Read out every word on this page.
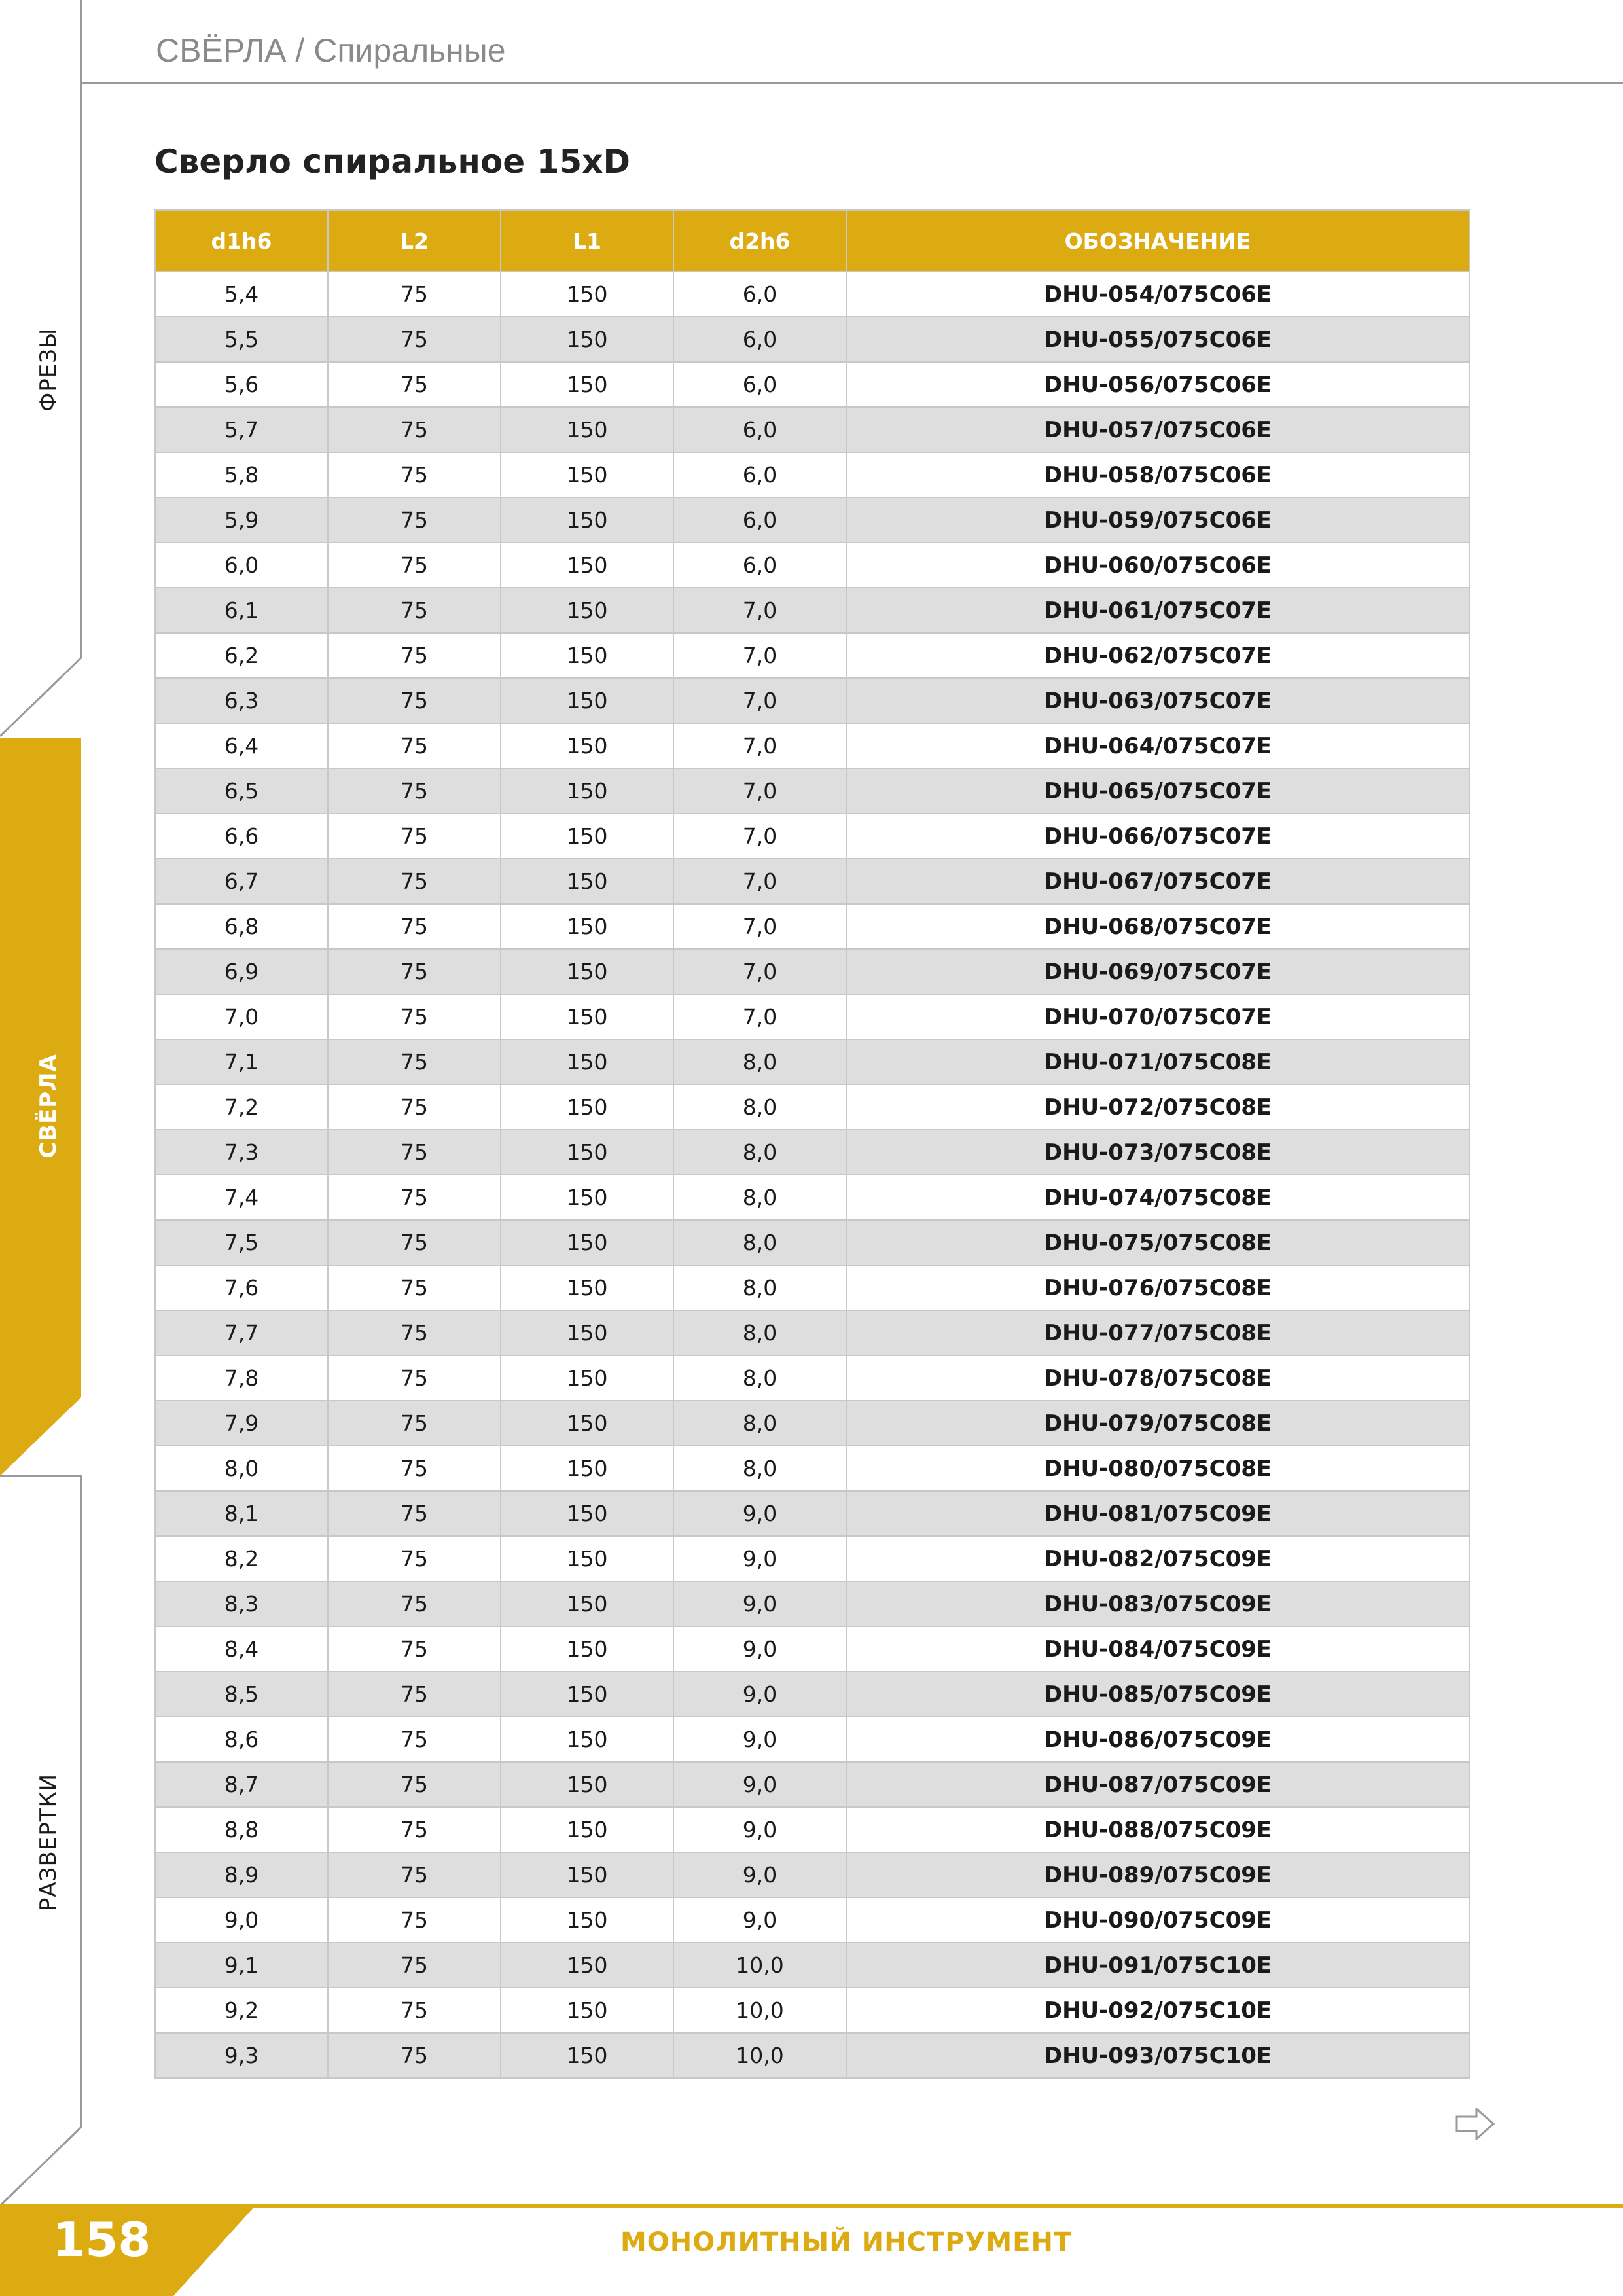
ФРЕЗЫ
СВЁРЛА
РАЗВЕРТКИ
СВЁРЛА / Спиральные
Сверло спиральное 15xD
d1h6	L2	L1	d2h6	ОБОЗНАЧЕНИЕ
5,4	75	150	6,0	DHU-054/075C06E
5,5	75	150	6,0	DHU-055/075C06E
5,6	75	150	6,0	DHU-056/075C06E
5,7	75	150	6,0	DHU-057/075C06E
5,8	75	150	6,0	DHU-058/075C06E
5,9	75	150	6,0	DHU-059/075C06E
6,0	75	150	6,0	DHU-060/075C06E
6,1	75	150	7,0	DHU-061/075C07E
6,2	75	150	7,0	DHU-062/075C07E
6,3	75	150	7,0	DHU-063/075C07E
6,4	75	150	7,0	DHU-064/075C07E
6,5	75	150	7,0	DHU-065/075C07E
6,6	75	150	7,0	DHU-066/075C07E
6,7	75	150	7,0	DHU-067/075C07E
6,8	75	150	7,0	DHU-068/075C07E
6,9	75	150	7,0	DHU-069/075C07E
7,0	75	150	7,0	DHU-070/075C07E
7,1	75	150	8,0	DHU-071/075C08E
7,2	75	150	8,0	DHU-072/075C08E
7,3	75	150	8,0	DHU-073/075C08E
7,4	75	150	8,0	DHU-074/075C08E
7,5	75	150	8,0	DHU-075/075C08E
7,6	75	150	8,0	DHU-076/075C08E
7,7	75	150	8,0	DHU-077/075C08E
7,8	75	150	8,0	DHU-078/075C08E
7,9	75	150	8,0	DHU-079/075C08E
8,0	75	150	8,0	DHU-080/075C08E
8,1	75	150	9,0	DHU-081/075C09E
8,2	75	150	9,0	DHU-082/075C09E
8,3	75	150	9,0	DHU-083/075C09E
8,4	75	150	9,0	DHU-084/075C09E
8,5	75	150	9,0	DHU-085/075C09E
8,6	75	150	9,0	DHU-086/075C09E
8,7	75	150	9,0	DHU-087/075C09E
8,8	75	150	9,0	DHU-088/075C09E
8,9	75	150	9,0	DHU-089/075C09E
9,0	75	150	9,0	DHU-090/075C09E
9,1	75	150	10,0	DHU-091/075C10E
9,2	75	150	10,0	DHU-092/075C10E
9,3	75	150	10,0	DHU-093/075C10E
158	МОНОЛИТНЫЙ ИНСТРУМЕНТ
